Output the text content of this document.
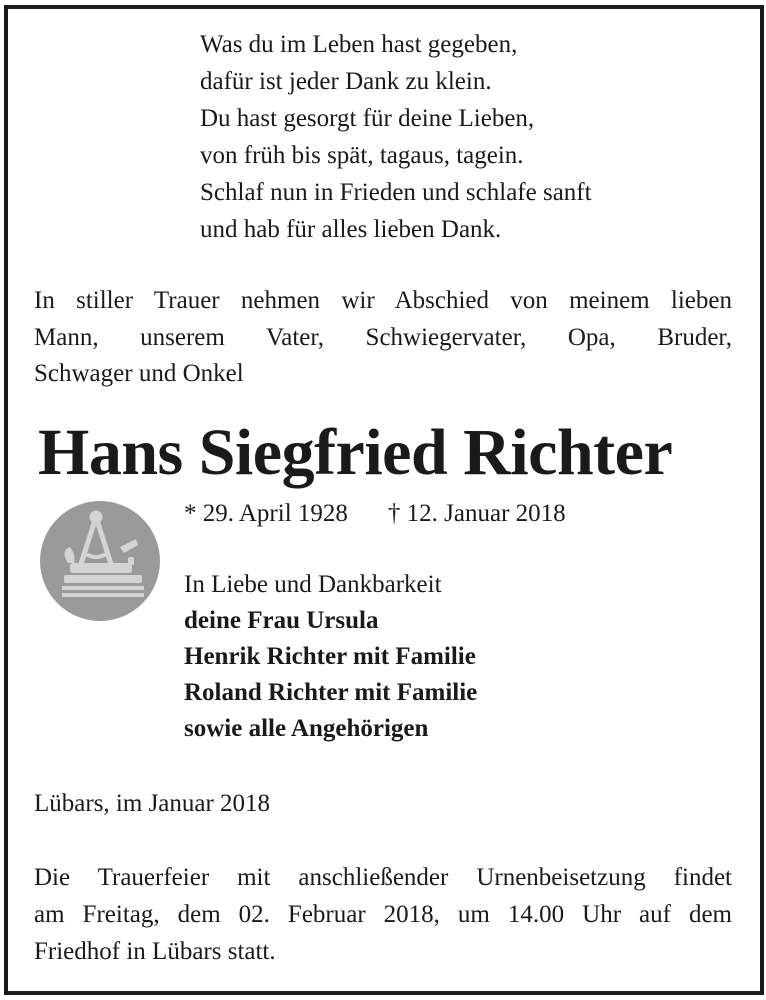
Was du im Leben hast gegeben,
dafür ist jeder Dank zu klein.
Du hast gesorgt für deine Lieben,
von früh bis spät, tagaus, tagein.
Schlaf nun in Frieden und schlafe sanft
und hab für alles lieben Dank.
In stiller Trauer nehmen wir Abschied von meinem lieben
Mann, unserem Vater, Schwiegervater, Opa, Bruder,
Schwager und Onkel
Hans Siegfried Richter
* 29. April 1928 † 12. Januar 2018
In Liebe und Dankbarkeit
deine Frau Ursula
Henrik Richter mit Familie
Roland Richter mit Familie
sowie alle Angehörigen
Lübars, im Januar 2018
Die Trauerfeier mit anschließender Urnenbeisetzung findet
am Freitag, dem 02. Februar 2018, um 14.00 Uhr auf dem
Friedhof in Lübars statt.
